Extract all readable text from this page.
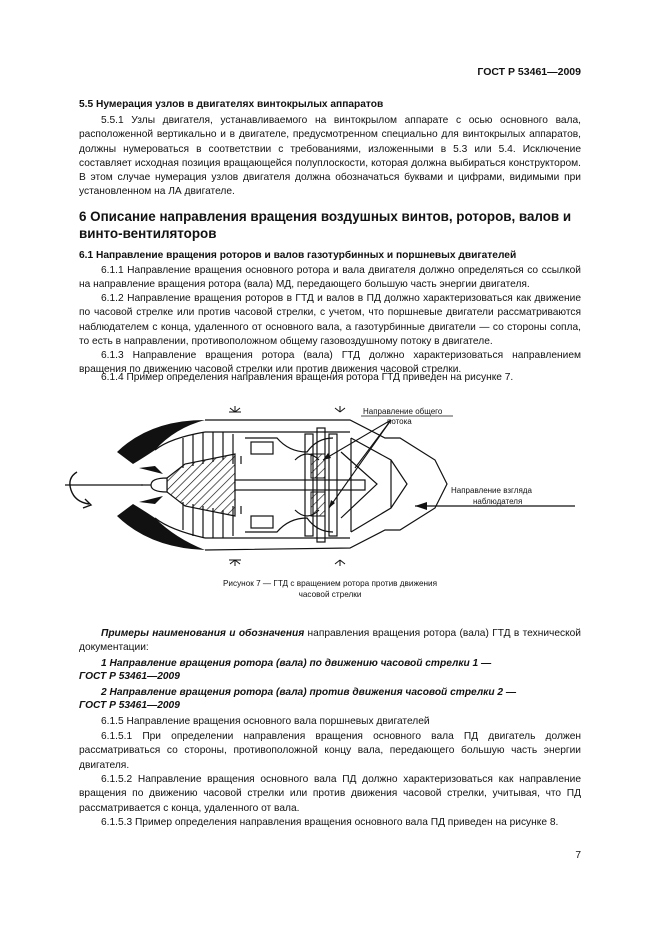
ГОСТ Р 53461—2009
5.5 Нумерация узлов в двигателях винтокрылых аппаратов
5.5.1 Узлы двигателя, устанавливаемого на винтокрылом аппарате с осью основного вала, расположенной вертикально и в двигателе, предусмотренном специально для винтокрылых аппаратов, должны нумероваться в соответствии с требованиями, изложенными в 5.3 или 5.4. Исключение составляет исходная позиция вращающейся полуплоскости, которая должна выбираться конструктором. В этом случае нумерация узлов двигателя должна обозначаться буквами и цифрами, видимыми при установленном на ЛА двигателе.
6 Описание направления вращения воздушных винтов, роторов, валов и
винто-вентиляторов
6.1 Направление вращения роторов и валов газотурбинных и поршневых двигателей
6.1.1 Направление вращения основного ротора и вала двигателя должно определяться со ссылкой на направление вращения ротора (вала) МД, передающего большую часть энергии двигателя.
6.1.2 Направление вращения роторов в ГТД и валов в ПД должно характеризоваться как движение по часовой стрелке или против часовой стрелки, с учетом, что поршневые двигатели рассматриваются наблюдателем с конца, удаленного от основного вала, а газотурбинные двигатели — со стороны сопла, то есть в направлении, противоположном общему газовоздушному потоку в двигателе.
6.1.3 Направление вращения ротора (вала) ГТД должно характеризоваться направлением вращения по движению часовой стрелки или против движения часовой стрелки.
6.1.4 Пример определения направления вращения ротора ГТД приведен на рисунке 7.
Направление общего
потока
Направление взгляда
наблюдателя
Рисунок 7 — ГТД с вращением ротора против движения
часовой стрелки
Примеры наименования и обозначения направления вращения ротора (вала) ГТД в технической документации:
1 Направление вращения ротора (вала) по движению часовой стрелки 1 —
ГОСТ Р 53461—2009
2 Направление вращения ротора (вала) против движения часовой стрелки 2 —
ГОСТ Р 53461—2009
6.1.5 Направление вращения основного вала поршневых двигателей
6.1.5.1 При определении направления вращения основного вала ПД двигатель должен рассматриваться со стороны, противоположной концу вала, передающего большую часть энергии двигателя.
6.1.5.2 Направление вращения основного вала ПД должно характеризоваться как направление вращения по движению часовой стрелки или против движения часовой стрелки, учитывая, что ПД рассматривается с конца, удаленного от вала.
6.1.5.3 Пример определения направления вращения основного вала ПД приведен на рисунке 8.
7
